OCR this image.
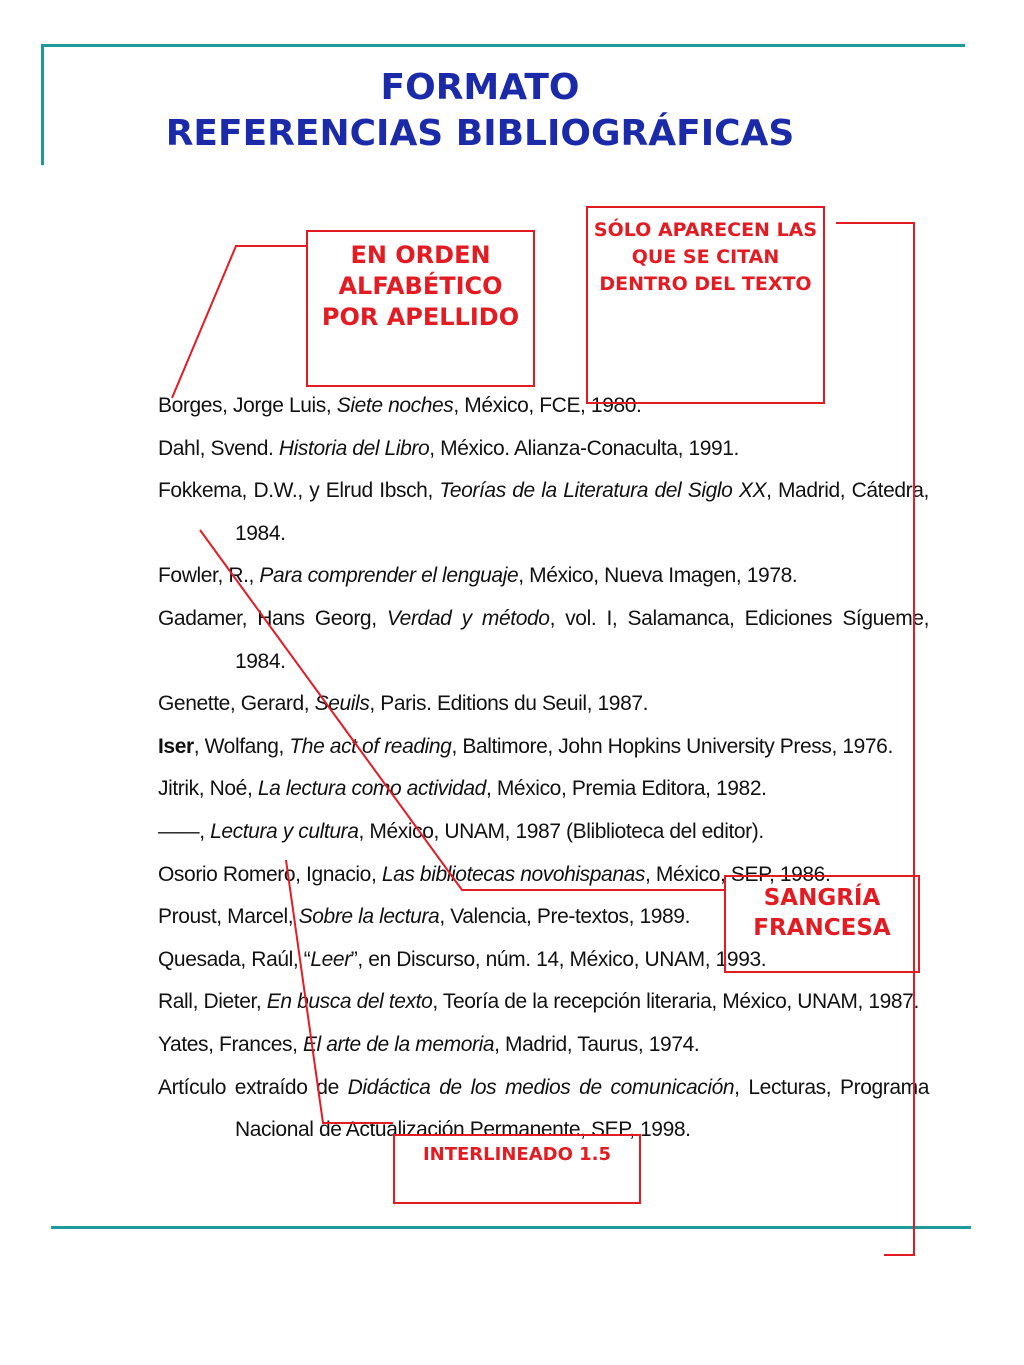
FORMATO
REFERENCIAS BIBLIOGRÁFICAS

Borges, Jorge Luis, Siete noches, México, FCE, 1980.

Dahl, Svend. Historia del Libro, México. Alianza-Conaculta, 1991.

Fokkema, D.W., y Elrud Ibsch, Teorías de la Literatura del Siglo XX, Madrid, Cátedra, 1984.

Fowler, R., Para comprender el lenguaje, México, Nueva Imagen, 1978.

Gadamer, Hans Georg, Verdad y método, vol. I, Salamanca, Ediciones Sígueme, 1984.

Genette, Gerard, Seuils, Paris. Editions du Seuil, 1987.

Iser, Wolfang, The act of reading, Baltimore, John Hopkins University Press, 1976.

Jitrik, Noé, La lectura como actividad, México, Premia Editora, 1982.

——, Lectura y cultura, México, UNAM, 1987 (Bliblioteca del editor).

Osorio Romero, Ignacio, Las bibliotecas novohispanas, México, SEP, 1986.

Proust, Marcel, Sobre la lectura, Valencia, Pre-textos, 1989.

Quesada, Raúl, “Leer”, en Discurso, núm. 14, México, UNAM, 1993.

Rall, Dieter, En busca del texto, Teoría de la recepción literaria, México, UNAM, 1987.

Yates, Frances, El arte de la memoria, Madrid, Taurus, 1974.

Artículo extraído de Didáctica de los medios de comunicación, Lecturas, Programa Nacional de Actualización Permanente, SEP, 1998.

EN ORDEN ALFABÉTICO POR APELLIDO
SÓLO APARECEN LAS QUE SE CITAN DENTRO DEL TEXTO
SANGRÍA FRANCESA
INTERLINEADO 1.5
